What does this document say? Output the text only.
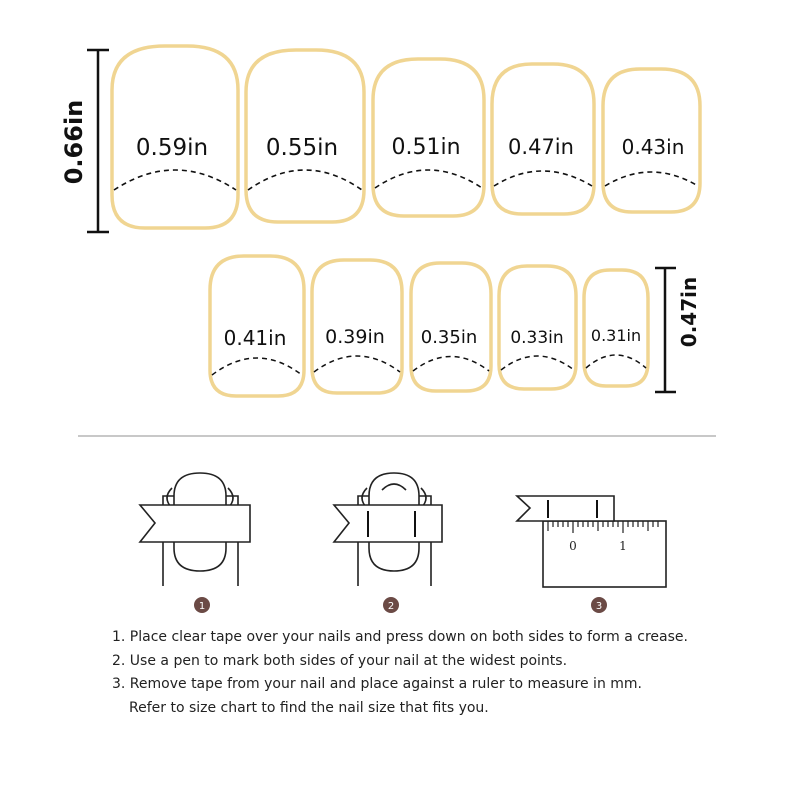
0.66in 0.59in	0.55in 0.51in 0.47in 0.43in
0.41in 0.39in 0.35in 0.33in 0.31in 0.47in
0	1
1	2	3
1. Place clear tape over your nails and press down on both sides to form a crease.
2. Use a pen to mark both sides of your nail at the widest points.
3. Remove tape from your nail and place against a ruler to measure in mm.
Refer to size chart to find the nail size that fits you.
